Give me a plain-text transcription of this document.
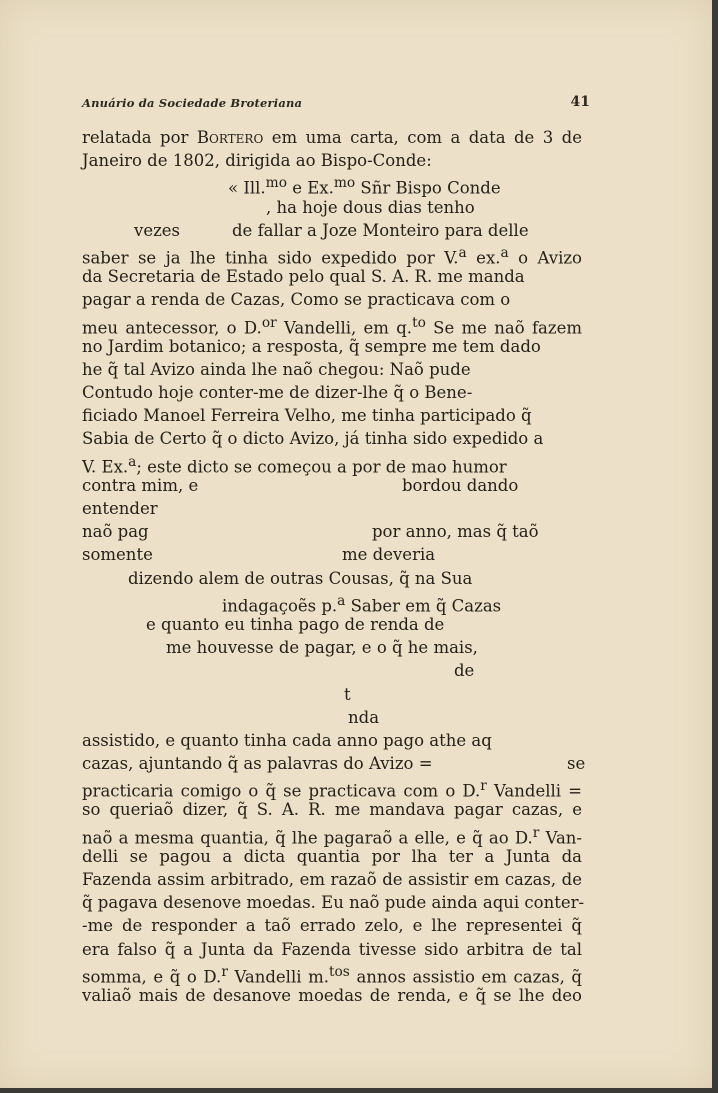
Anuário da Sociedade Broteriana	41
relatada por Bortero em uma carta, com a data de 3 de
Janeiro de 1802, dirigida ao Bispo-Conde:
« Ill.$^{mo}$ e Ex.$^{mo}$ Sñr Bispo Conde
, ha hoje dous dias tenho
vezes	de fallar a Joze Monteiro para delle
saber se ja lhe tinha sido expedido por V.$^a$ ex.$^a$ o Avizo
da Secretaria de Estado pelo qual S. A. R. me manda
pagar a renda de Cazas, Como se practicava com o
meu antecessor, o D.$^{or}$ Vandelli, em q.$^{to}$ Se me naõ fazem
no Jardim botanico; a resposta, q̃ sempre me tem dado
he q̃ tal Avizo ainda lhe naõ chegou: Naõ pude
Contudo hoje conter-me de dizer-lhe q̃ o Bene-
ficiado Manoel Ferreira Velho, me tinha participado q̃
Sabia de Certo q̃ o dicto Avizo, já tinha sido expedido a
V. Ex.$^a$; este dicto se começou a por de mao humor
contra mim, e	bordou dando
entender
naõ pag	por anno, mas q̃ taõ
somente	me deveria
dizendo alem de outras Cousas, q̃ na Sua
indagaçoẽs p.$^a$ Saber em q̃ Cazas
e quanto eu tinha pago de renda de
me houvesse de pagar, e o q̃ he mais,
de
t
nda
assistido, e quanto tinha cada anno pago athe aq
cazas, ajuntando q̃ as palavras do Avizo =	se
practicaria comigo o q̃ se practicava com o D.$^r$ Vandelli =
so queriaõ dizer, q̃ S. A. R. me mandava pagar cazas, e
naõ a mesma quantia, q̃ lhe pagaraõ a elle, e q̃ ao D.$^r$ Van-
delli se pagou a dicta quantia por lha ter a Junta da
Fazenda assim arbitrado, em razaõ de assistir em cazas, de
q̃ pagava desenove moedas. Eu naõ pude ainda aqui conter-
-me de responder a taõ errado zelo, e lhe representei q̃
era falso q̃ a Junta da Fazenda tivesse sido arbitra de tal
somma, e q̃ o D.$^r$ Vandelli m.$^{tos}$ annos assistio em cazas, q̃
valiaõ mais de desanove moedas de renda, e q̃ se lhe deo
